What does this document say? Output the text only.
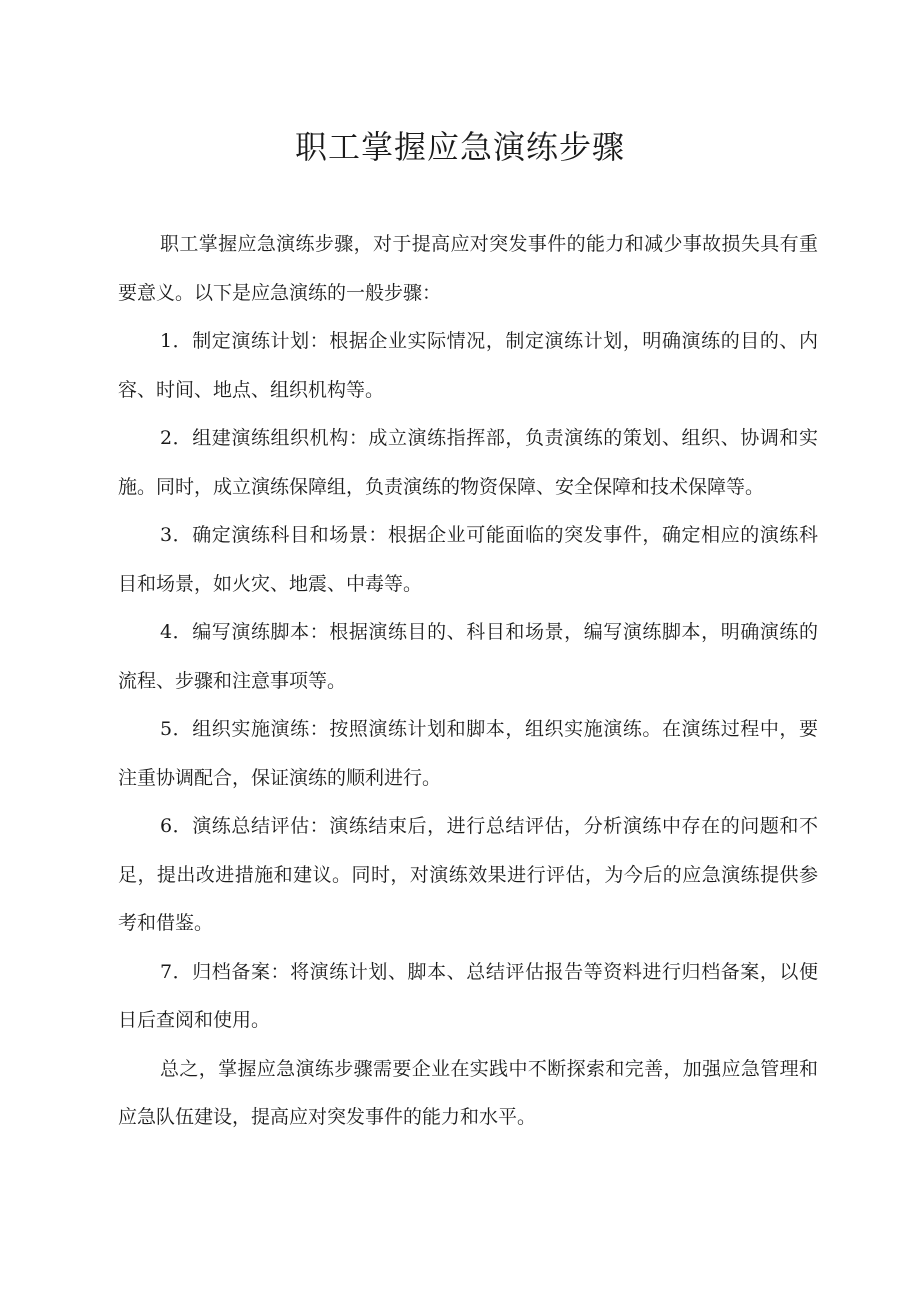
职工掌握应急演练步骤

职工掌握应急演练步骤，对于提高应对突发事件的能力和减少事故损失具有重要意义。以下是应急演练的一般步骤：

1．制定演练计划：根据企业实际情况，制定演练计划，明确演练的目的、内容、时间、地点、组织机构等。

2．组建演练组织机构：成立演练指挥部，负责演练的策划、组织、协调和实施。同时，成立演练保障组，负责演练的物资保障、安全保障和技术保障等。

3．确定演练科目和场景：根据企业可能面临的突发事件，确定相应的演练科目和场景，如火灾、地震、中毒等。

4．编写演练脚本：根据演练目的、科目和场景，编写演练脚本，明确演练的流程、步骤和注意事项等。

5．组织实施演练：按照演练计划和脚本，组织实施演练。在演练过程中，要注重协调配合，保证演练的顺利进行。

6．演练总结评估：演练结束后，进行总结评估，分析演练中存在的问题和不足，提出改进措施和建议。同时，对演练效果进行评估，为今后的应急演练提供参考和借鉴。

7．归档备案：将演练计划、脚本、总结评估报告等资料进行归档备案，以便日后查阅和使用。

总之，掌握应急演练步骤需要企业在实践中不断探索和完善，加强应急管理和应急队伍建设，提高应对突发事件的能力和水平。
